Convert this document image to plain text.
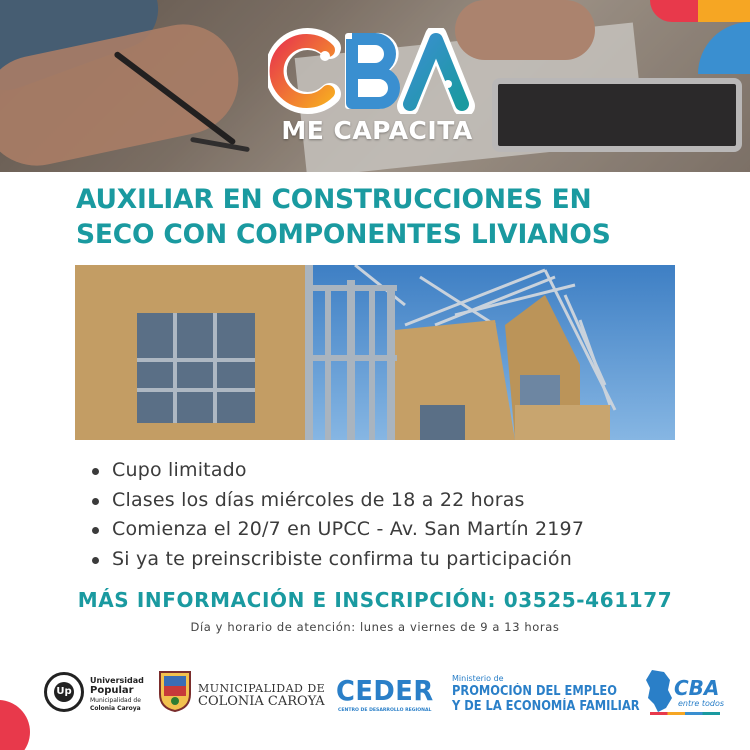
ME CAPACITA
AUXILIAR EN CONSTRUCCIONES EN
SECO CON COMPONENTES LIVIANOS
Cupo limitado
Clases los días miércoles de 18 a 22 horas
Comienza el 20/7 en UPCC - Av. San Martín 2197
Si ya te preinscribiste confirma tu participación
MÁS INFORMACIÓN E INSCRIPCIÓN: 03525-461177
Día y horario de atención: lunes a viernes de 9 a 13 horas
Up
Universidad
Popular
Municipalidad de
Colonia Caroya
MUNICIPALIDAD DE
COLONIA CAROYA CEDER
CENTRO DE DESARROLLO REGIONAL
Ministerio de
PROMOCIÓN DEL EMPLEO
Y DE LA ECONOMÍA FAMILIAR
CBA
entre todos
